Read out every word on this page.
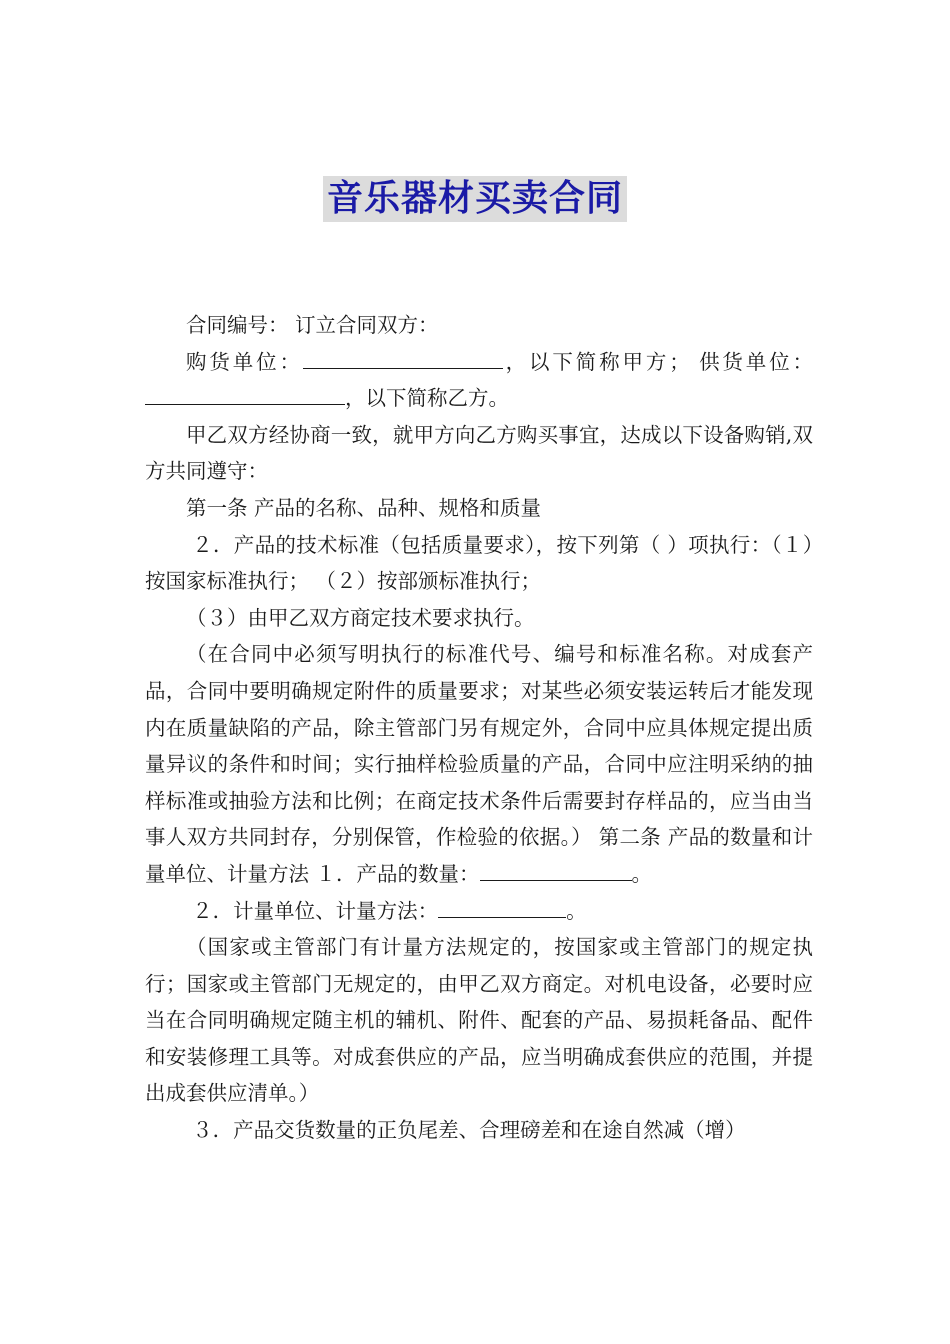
音乐器材买卖合同

合同编号： 订立合同双方：

购货单位：	，以下简称甲方； 供货单位：，以下简称乙方。

甲乙双方经协商一致，就甲方向乙方购买事宜，达成以下设备购销,双方共同遵守：

第一条 产品的名称、品种、规格和质量

２．产品的技术标准（包括质量要求），按下列第（ ）项执行：（１）按国家标准执行； （２）按部颁标准执行；

（３）由甲乙双方商定技术要求执行。

（在合同中必须写明执行的标准代号、编号和标准名称。对成套产品，合同中要明确规定附件的质量要求；对某些必须安装运转后才能发现内在质量缺陷的产品，除主管部门另有规定外，合同中应具体规定提出质量异议的条件和时间；实行抽样检验质量的产品，合同中应注明采纳的抽样标准或抽验方法和比例；在商定技术条件后需要封存样品的，应当由当事人双方共同封存，分别保管，作检验的依据。） 第二条 产品的数量和计量单位、计量方法 １．产品的数量：	。

２．计量单位、计量方法：	。

（国家或主管部门有计量方法规定的，按国家或主管部门的规定执行；国家或主管部门无规定的，由甲乙双方商定。对机电设备，必要时应当在合同明确规定随主机的辅机、附件、配套的产品、易损耗备品、配件和安装修理工具等。对成套供应的产品，应当明确成套供应的范围，并提出成套供应清单。）

３．产品交货数量的正负尾差、合理磅差和在途自然减（增）
